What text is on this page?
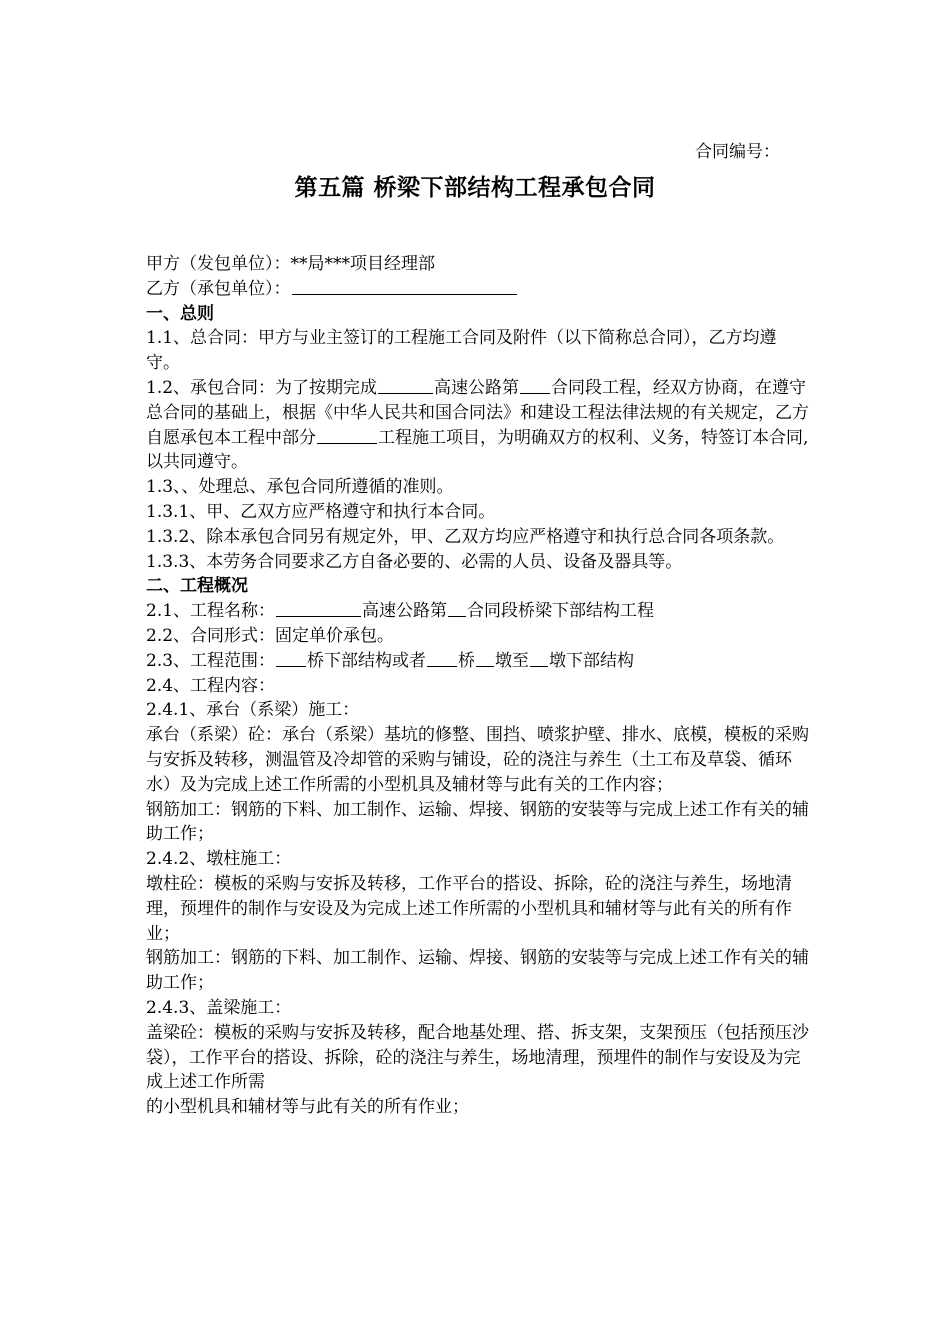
合同编号：
第五篇 桥梁下部结构工程承包合同

甲方（发包单位）：**局***项目经理部

乙方（承包单位）：

一、总则

1.1、总合同：甲方与业主签订的工程施工合同及附件（以下简称总合同），乙方均遵守。

1.2、承包合同：为了按期完成	高速公路第 合同段工程，经双方协商，在遵守总合同的基础上，根据《中华人民共和国合同法》和建设工程法律法规的有关规定，乙方自愿承包本工程中部分	工程施工项目，为明确双方的权利、义务，特签订本合同,以共同遵守。

1.3、、处理总、承包合同所遵循的准则。

1.3.1、甲、乙双方应严格遵守和执行本合同。

1.3.2、除本承包合同另有规定外，甲、乙双方均应严格遵守和执行总合同各项条款。

1.3.3、本劳务合同要求乙方自备必要的、必需的人员、设备及器具等。

二、工程概况

2.1、工程名称：	高速公路第 合同段桥梁下部结构工程

2.2、合同形式：固定单价承包。

2.3、工程范围： 桥下部结构或者 桥 墩至 墩下部结构

2.4、工程内容：

2.4.1、承台（系梁）施工：

承台（系梁）砼：承台（系梁）基坑的修整、围挡、喷浆护壁、排水、底模，模板的采购与安拆及转移，测温管及冷却管的采购与铺设，砼的浇注与养生（土工布及草袋、循环水）及为完成上述工作所需的小型机具及辅材等与此有关的工作内容；

钢筋加工：钢筋的下料、加工制作、运输、焊接、钢筋的安装等与完成上述工作有关的辅助工作；

2.4.2、墩柱施工：

墩柱砼：模板的采购与安拆及转移，工作平台的搭设、拆除，砼的浇注与养生，场地清理，预埋件的制作与安设及为完成上述工作所需的小型机具和辅材等与此有关的所有作业；

钢筋加工：钢筋的下料、加工制作、运输、焊接、钢筋的安装等与完成上述工作有关的辅助工作；

2.4.3、盖梁施工：

盖梁砼：模板的采购与安拆及转移，配合地基处理、搭、拆支架，支架预压（包括预压沙袋），工作平台的搭设、拆除，砼的浇注与养生，场地清理，预埋件的制作与安设及为完成上述工作所需

的小型机具和辅材等与此有关的所有作业；
